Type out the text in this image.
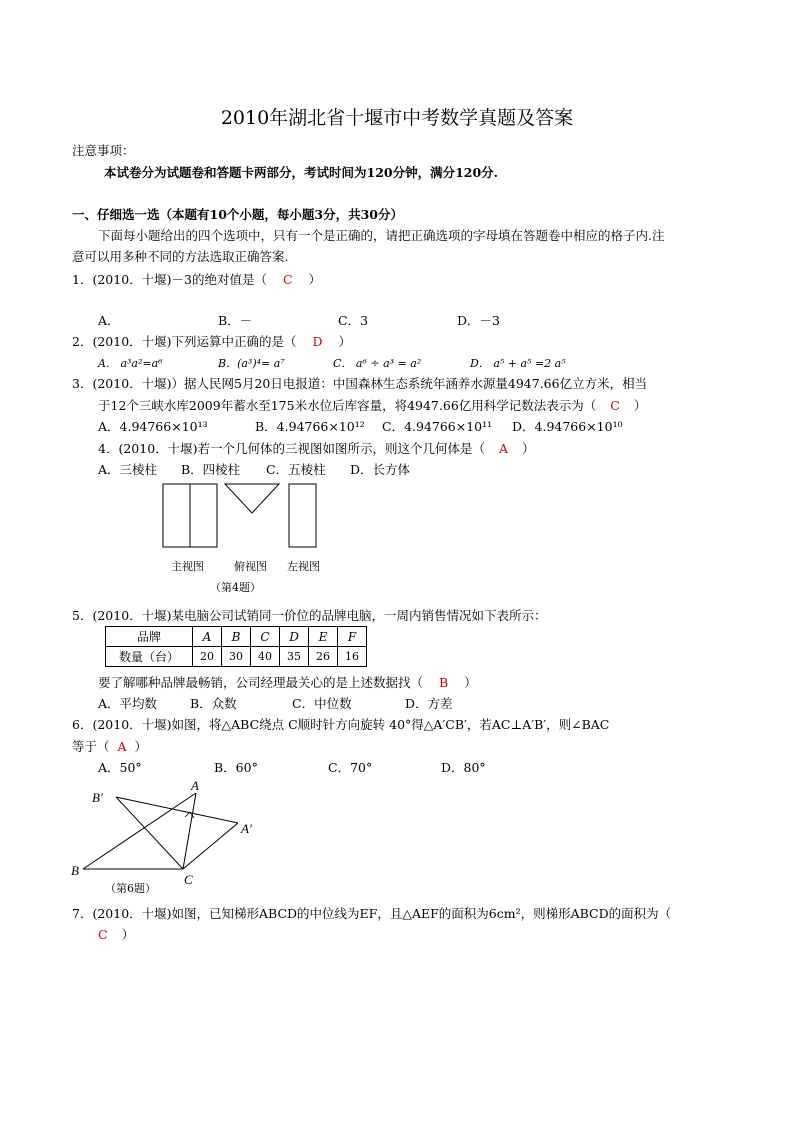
2010年湖北省十堰市中考数学真题及答案
注意事项：
本试卷分为试题卷和答题卡两部分，考试时间为120分钟，满分120分.
一、仔细选一选（本题有10个小题，每小题3分，共30分）
下面每小题给出的四个选项中，只有一个是正确的，请把正确选项的字母填在答题卷中相应的格子内.注
意可以用多种不同的方法选取正确答案.
1．(2010．十堰)－3的绝对值是（ C ）
A．	B．－	C．3	D．－3
2．(2010．十堰)下列运算中正确的是（ D ）
A． a³a²=a⁶	B．(a³)⁴= a⁷	C． a⁶ ÷ a³ = a²	D． a⁵ + a⁵ =2 a⁵
3．(2010．十堰)）据人民网5月20日电报道：中国森林生态系统年涵养水源量4947.66亿立方米，相当
于12个三峡水库2009年蓄水至175米水位后库容量，将4947.66亿用科学记数法表示为（ C ）
A．4.94766×10¹³	B．4.94766×10¹² C．4.94766×10¹¹ D．4.94766×10¹⁰
4．(2010．十堰)若一个几何体的三视图如图所示，则这个几何体是（ A ）
A．三棱柱 B．四棱柱 C．五棱柱 D．长方体
主视图	俯视图 左视图
（第4题）
5．(2010．十堰)某电脑公司试销同一价位的品牌电脑，一周内销售情况如下表所示：
品牌	A	B	C	D	E	F
数量（台）	20	30	40	35	26	16
要了解哪种品牌最畅销，公司经理最关心的是上述数据找（ B ）
A．平均数	B．众数	C．中位数	D．方差
6．(2010．十堰)如图，将△ABC绕点 C顺时针方向旋转 40°得△A′CB′，若AC⊥A′B′，则∠BAC
等于（ A ）
A．50°	B．60°	C．70°	D．80°
B′
A
A′
B
C
（第6题）
7．(2010．十堰)如图，已知梯形ABCD的中位线为EF，且△AEF的面积为6cm²，则梯形ABCD的面积为（
C ）
